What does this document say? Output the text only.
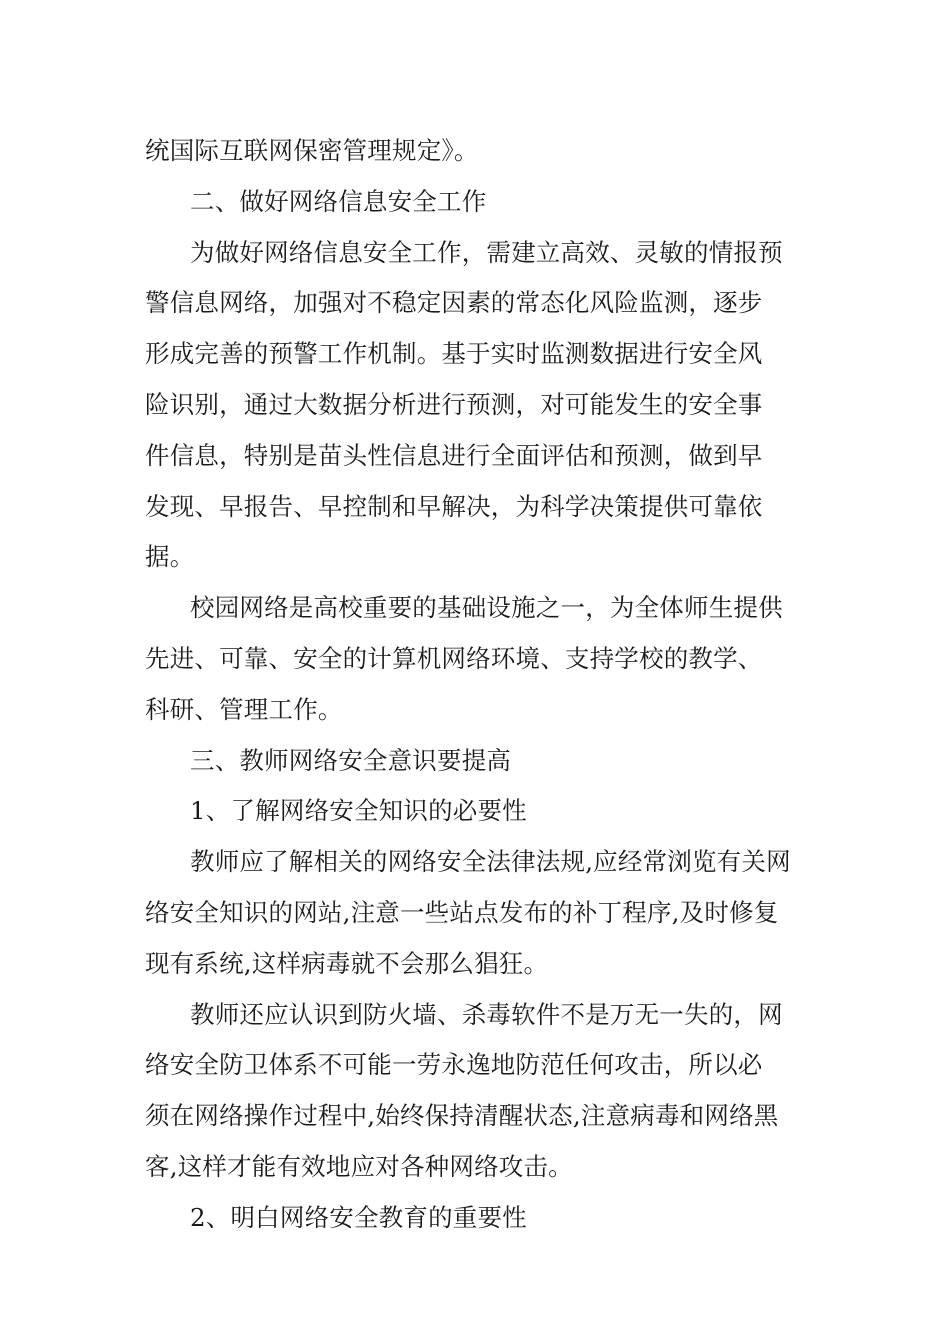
统国际互联网保密管理规定》。
二、做好网络信息安全工作
为做好网络信息安全工作，需建立高效、灵敏的情报预
警信息网络，加强对不稳定因素的常态化风险监测，逐步
形成完善的预警工作机制。基于实时监测数据进行安全风
险识别，通过大数据分析进行预测，对可能发生的安全事
件信息，特别是苗头性信息进行全面评估和预测，做到早
发现、早报告、早控制和早解决，为科学决策提供可靠依
据。
校园网络是高校重要的基础设施之一，为全体师生提供
先进、可靠、安全的计算机网络环境、支持学校的教学、
科研、管理工作。
三、教师网络安全意识要提高
1、了解网络安全知识的必要性
教师应了解相关的网络安全法律法规,应经常浏览有关网
络安全知识的网站,注意一些站点发布的补丁程序,及时修复
现有系统,这样病毒就不会那么猖狂。
教师还应认识到防火墙、杀毒软件不是万无一失的，网
络安全防卫体系不可能一劳永逸地防范任何攻击，所以必
须在网络操作过程中,始终保持清醒状态,注意病毒和网络黑
客,这样才能有效地应对各种网络攻击。
2、明白网络安全教育的重要性
